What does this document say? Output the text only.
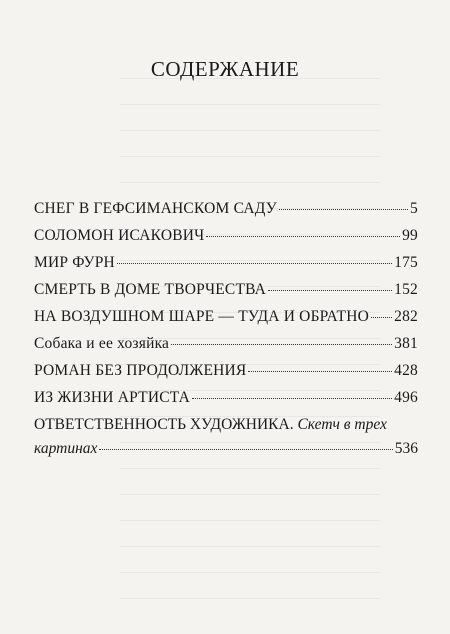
СОДЕРЖАНИЕ
СНЕГ В ГЕФСИМАНСКОМ САДУ	5
СОЛОМОН ИСАКОВИЧ	99
МИР ФУРН	175
СМЕРТЬ В ДОМЕ ТВОРЧЕСТВА	152
НА ВОЗДУШНОМ ШАРЕ — ТУДА И ОБРАТНО 282
Собака и ее хозяйка	381
РОМАН БЕЗ ПРОДОЛЖЕНИЯ	428
ИЗ ЖИЗНИ АРТИСТА	496
ОТВЕТСТВЕННОСТЬ ХУДОЖНИКА. Скетч в трех
картинах	536
